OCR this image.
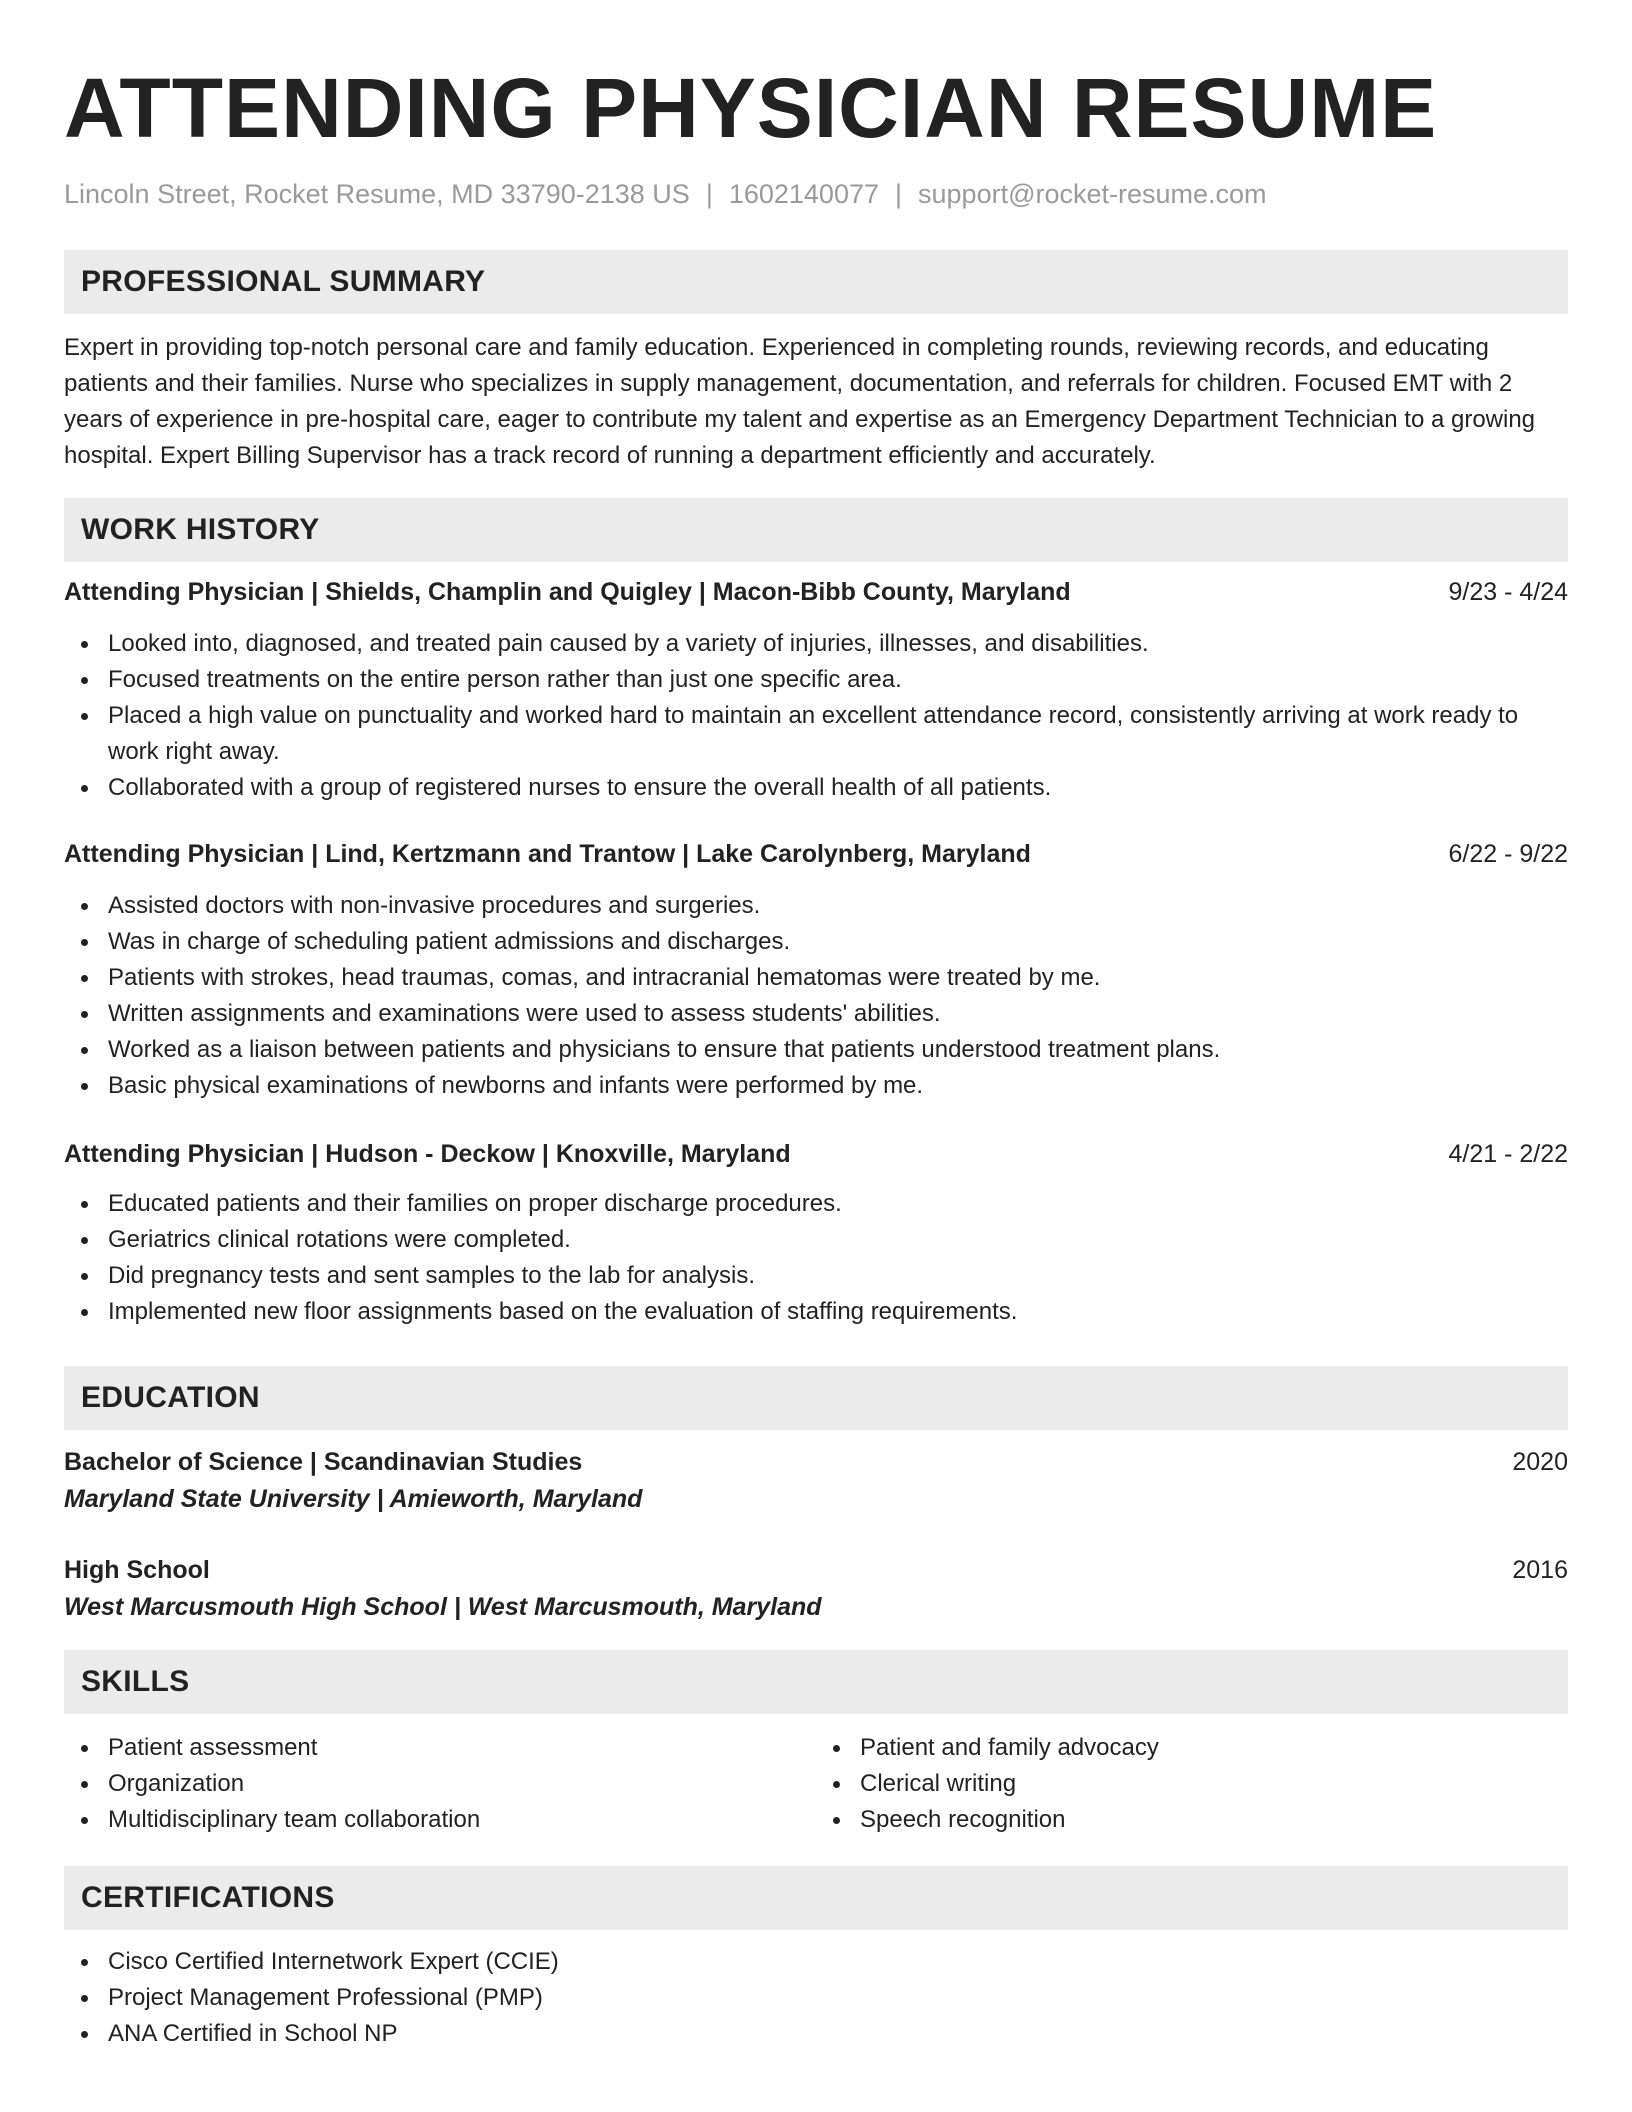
ATTENDING PHYSICIAN RESUME
Lincoln Street, Rocket Resume, MD 33790-2138 US | 1602140077 | support@rocket-resume.com
PROFESSIONAL SUMMARY

Expert in providing top-notch personal care and family education. Experienced in completing rounds, reviewing records, and educating patients and their families. Nurse who specializes in supply management, documentation, and referrals for children. Focused EMT with 2 years of experience in pre-hospital care, eager to contribute my talent and expertise as an Emergency Department Technician to a growing hospital. Expert Billing Supervisor has a track record of running a department efficiently and accurately.

WORK HISTORY
Attending Physician | Shields, Champlin and Quigley | Macon-Bibb County, Maryland	9/23 - 4/24
Looked into, diagnosed, and treated pain caused by a variety of injuries, illnesses, and disabilities.
Focused treatments on the entire person rather than just one specific area.
Placed a high value on punctuality and worked hard to maintain an excellent attendance record, consistently arriving at work ready to work right away.
Collaborated with a group of registered nurses to ensure the overall health of all patients.
Attending Physician | Lind, Kertzmann and Trantow | Lake Carolynberg, Maryland	6/22 - 9/22
Assisted doctors with non-invasive procedures and surgeries.
Was in charge of scheduling patient admissions and discharges.
Patients with strokes, head traumas, comas, and intracranial hematomas were treated by me.
Written assignments and examinations were used to assess students' abilities.
Worked as a liaison between patients and physicians to ensure that patients understood treatment plans.
Basic physical examinations of newborns and infants were performed by me.
Attending Physician | Hudson - Deckow | Knoxville, Maryland	4/21 - 2/22
Educated patients and their families on proper discharge procedures.
Geriatrics clinical rotations were completed.
Did pregnancy tests and sent samples to the lab for analysis.
Implemented new floor assignments based on the evaluation of staffing requirements.
EDUCATION
Bachelor of Science | Scandinavian Studies	2020
Maryland State University | Amieworth, Maryland
High School	2016
West Marcusmouth High School | West Marcusmouth, Maryland
SKILLS
Patient assessment
Organization
Multidisciplinary team collaboration
Patient and family advocacy
Clerical writing
Speech recognition
CERTIFICATIONS
Cisco Certified Internetwork Expert (CCIE)
Project Management Professional (PMP)
ANA Certified in School NP
